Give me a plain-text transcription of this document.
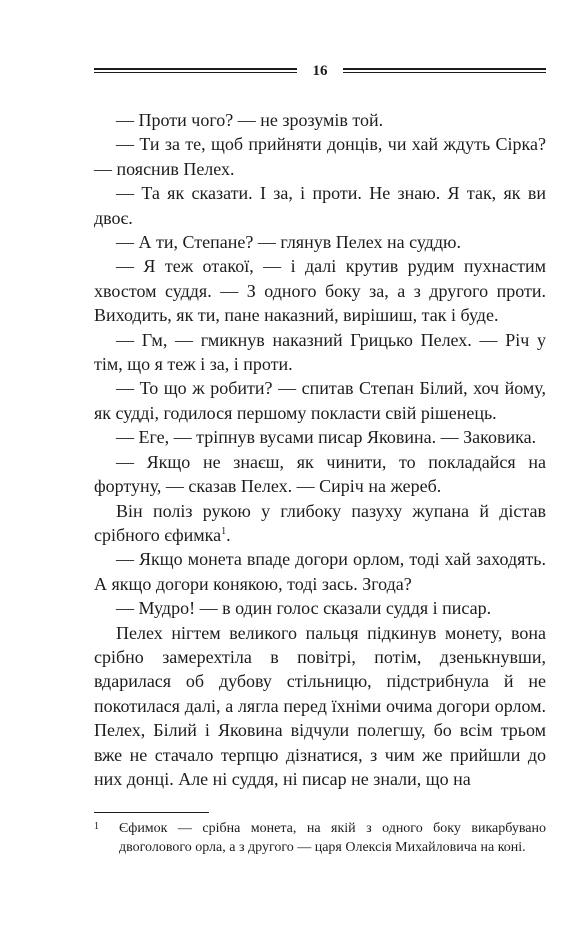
16

— Проти чого? — не зрозумів той.

— Ти за те, щоб прийняти донців, чи хай ждуть Сірка? — пояснив Пелех.

— Та як сказати. І за, і проти. Не знаю. Я так, як ви двоє.

— А ти, Степане? — глянув Пелех на суддю.

— Я теж отакої, — і далі крутив рудим пухнастим хвостом суддя. — З одного боку за, а з другого проти. Виходить, як ти, пане наказний, вирішиш, так і буде.

— Гм, — гмикнув наказний Грицько Пелех. — Річ у тім, що я теж і за, і проти.

— То що ж робити? — спитав Степан Білий, хоч йому, як судді, годилося першому покласти свій рішенець.

— Еге, — тріпнув вусами писар Яковина. — Заковика.

— Якщо не знаєш, як чинити, то покладайся на фортуну, — сказав Пелех. — Сиріч на жереб.

Він поліз рукою у глибоку пазуху жупана й дістав срібного єфимка$^1$.

— Якщо монета впаде догори орлом, тоді хай заходять. А якщо догори конякою, тоді зась. Згода?

— Мудро! — в один голос сказали суддя і писар.

Пелех нігтем великого пальця підкинув монету, вона срібно замерехтіла в повітрі, потім, дзенькнувши, вдарилася об дубову стільницю, підстрибнула й не покотилася далі, а лягла перед їхніми очима догори орлом. Пелех, Білий і Яковина відчули полегшу, бо всім трьом вже не стачало терпцю дізнатися, з чим же прийшли до них донці. Але ні суддя, ні писар не знали, що на

1 Єфимок — срібна монета, на якій з одного боку викарбувано двоголового орла, а з другого — царя Олексія Михайловича на коні.
